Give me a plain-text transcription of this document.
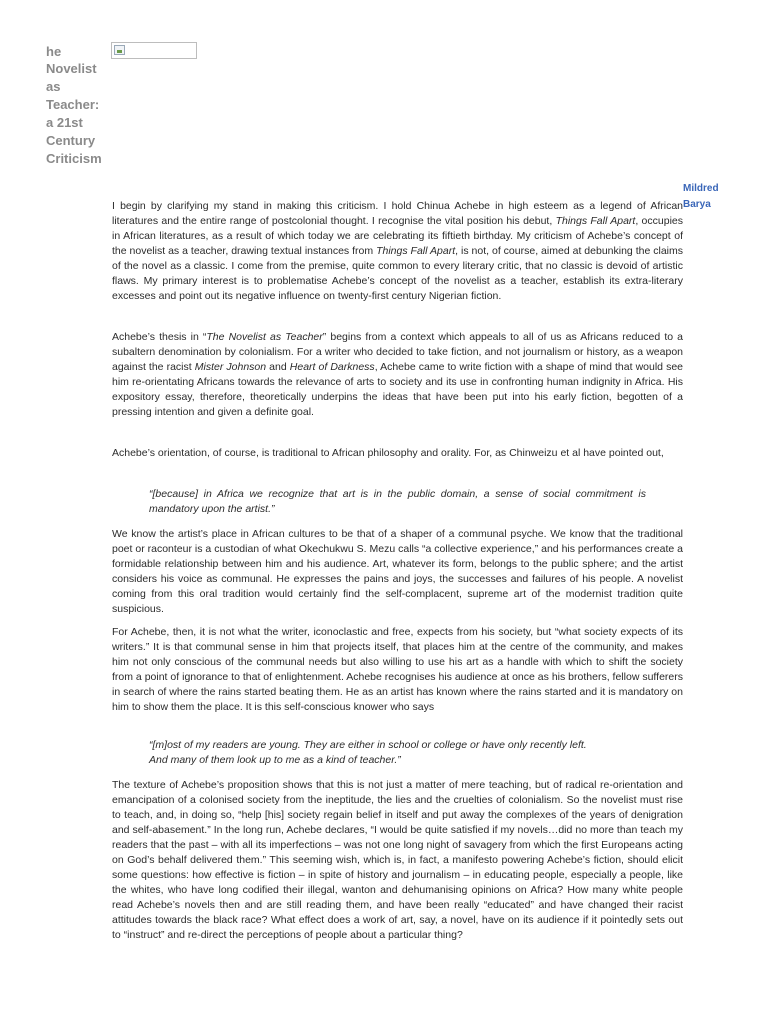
he

Novelist

as

Teacher:

a 21st

Century

Criticism

Mildred

Barya

I begin by clarifying my stand in making this criticism. I hold Chinua Achebe in high esteem as a legend of African literatures and the entire range of postcolonial thought. I recognise the vital position his debut, Things Fall Apart, occupies in African literatures, as a result of which today we are celebrating its fiftieth birthday. My criticism of Achebe’s concept of the novelist as a teacher, drawing textual instances from Things Fall Apart, is not, of course, aimed at debunking the claims of the novel as a classic. I come from the premise, quite common to every literary critic, that no classic is devoid of artistic flaws. My primary interest is to problematise Achebe’s concept of the novelist as a teacher, establish its extra-literary excesses and point out its negative influence on twenty-first century Nigerian fiction.

Achebe’s thesis in “The Novelist as Teacher” begins from a context which appeals to all of us as Africans reduced to a subaltern denomination by colonialism. For a writer who decided to take fiction, and not journalism or history, as a weapon against the racist Mister Johnson and Heart of Darkness, Achebe came to write fiction with a shape of mind that would see him re-orientating Africans towards the relevance of arts to society and its use in confronting human indignity in Africa. His expository essay, therefore, theoretically underpins the ideas that have been put into his early fiction, begotten of a pressing intention and given a definite goal.

Achebe’s orientation, of course, is traditional to African philosophy and orality. For, as Chinweizu et al have pointed out,

“[because] in Africa we recognize that art is in the public domain, a sense of social commitment is mandatory upon the artist.”

We know the artist’s place in African cultures to be that of a shaper of a communal psyche. We know that the traditional poet or raconteur is a custodian of what Okechukwu S. Mezu calls “a collective experience,” and his performances create a formidable relationship between him and his audience. Art, whatever its form, belongs to the public sphere; and the artist considers his voice as communal. He expresses the pains and joys, the successes and failures of his people. A novelist coming from this oral tradition would certainly find the self-complacent, supreme art of the modernist tradition quite suspicious.

For Achebe, then, it is not what the writer, iconoclastic and free, expects from his society, but “what society expects of its writers.” It is that communal sense in him that projects itself, that places him at the centre of the community, and makes him not only conscious of the communal needs but also willing to use his art as a handle with which to shift the society from a point of ignorance to that of enlightenment. Achebe recognises his audience at once as his brothers, fellow sufferers in search of where the rains started beating them. He as an artist has known where the rains started and it is mandatory on him to show them the place. It is this self-conscious knower who says

“[m]ost of my readers are young. They are either in school or college or have only recently left.
And many of them look up to me as a kind of teacher.”

The texture of Achebe’s proposition shows that this is not just a matter of mere teaching, but of radical re-orientation and emancipation of a colonised society from the ineptitude, the lies and the cruelties of colonialism. So the novelist must rise to teach, and, in doing so, “help [his] society regain belief in itself and put away the complexes of the years of denigration and self-abasement.” In the long run, Achebe declares, “I would be quite satisfied if my novels…did no more than teach my readers that the past – with all its imperfections – was not one long night of savagery from which the first Europeans acting on God’s behalf delivered them.” This seeming wish, which is, in fact, a manifesto powering Achebe’s fiction, should elicit some questions: how effective is fiction – in spite of history and journalism – in educating people, especially a people, like the whites, who have long codified their illegal, wanton and dehumanising opinions on Africa? How many white people read Achebe’s novels then and are still reading them, and have been really “educated” and have changed their racist attitudes towards the black race? What effect does a work of art, say, a novel, have on its audience if it pointedly sets out to “instruct” and re-direct the perceptions of people about a particular thing?
